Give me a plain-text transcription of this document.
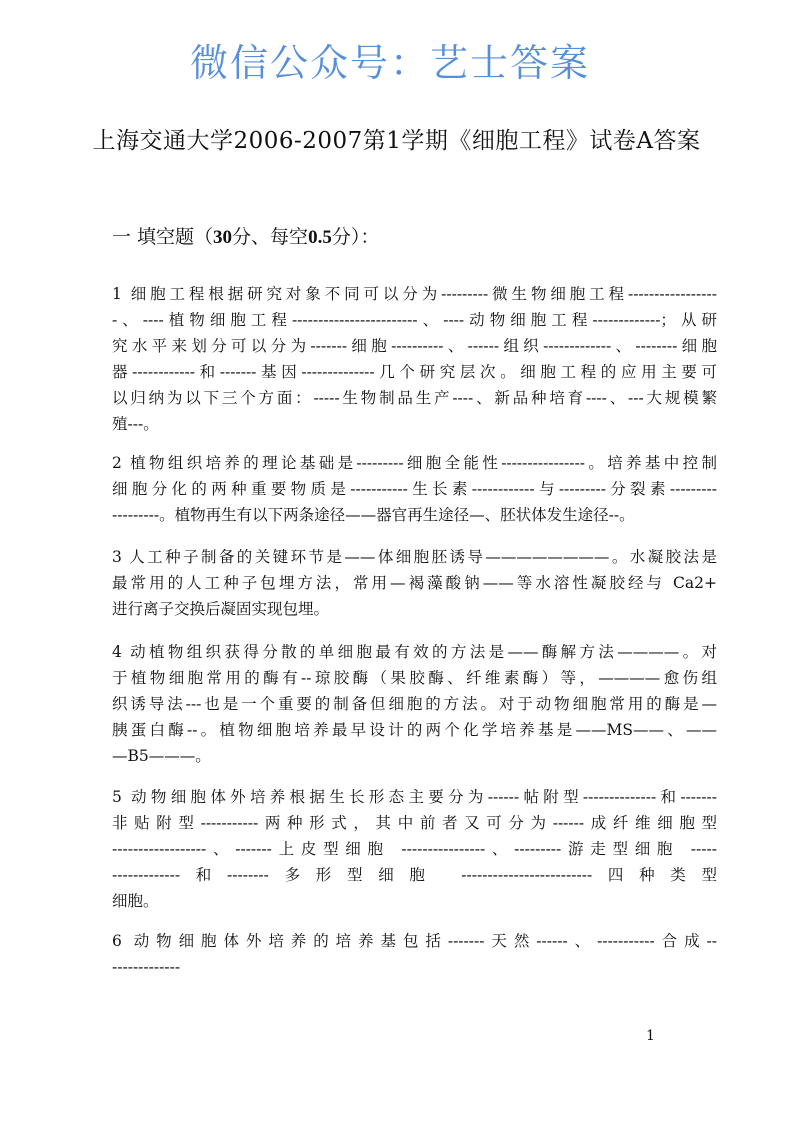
微信公众号：艺士答案
上海交通大学2006-2007第1学期《细胞工程》试卷A答案
一 填空题（30分、每空0.5分）：
1 细胞工程根据研究对象不同可以分为---------微生物细胞工程-----------------
-、----植物细胞工程------------------------、----动物细胞工程-------------；从研
究水平来划分可以分为-------细胞----------、------组织-------------、--------细胞
器------------和-------基因--------------几个研究层次。细胞工程的应用主要可
以归纳为以下三个方面：-----生物制品生产----、新品种培育----、---大规模繁
殖---。
2 植物组织培养的理论基础是---------细胞全能性----------------。培养基中控制
细胞分化的两种重要物质是-----------生长素------------与---------分裂素---------
---------。植物再生有以下两条途径——器官再生途径—、胚状体发生途径--。
3 人工种子制备的关键环节是——体细胞胚诱导————————。水凝胶法是
最常用的人工种子包埋方法，常用—褐藻酸钠——等水溶性凝胶经与 Ca2+
进行离子交换后凝固实现包埋。
4 动植物组织获得分散的单细胞最有效的方法是——酶解方法————。对
于植物细胞常用的酶有--琼胶酶（果胶酶、纤维素酶）等，————愈伤组
织诱导法---也是一个重要的制备但细胞的方法。对于动物细胞常用的酶是—
胰蛋白酶--。植物细胞培养最早设计的两个化学培养基是——MS——、——
—B5———。
5 动物细胞体外培养根据生长形态主要分为------帖附型--------------和-------
非贴附型-----------两种形式，其中前者又可分为------成纤维细胞型
------------------、-------上皮型细胞 ----------------、---------游走型细胞 -----
-------------和--------多形型细胞 -------------------------四种类型
细胞。
6 动物细胞体外培养的培养基包括-------天然------、-----------合成--
-------------
1
